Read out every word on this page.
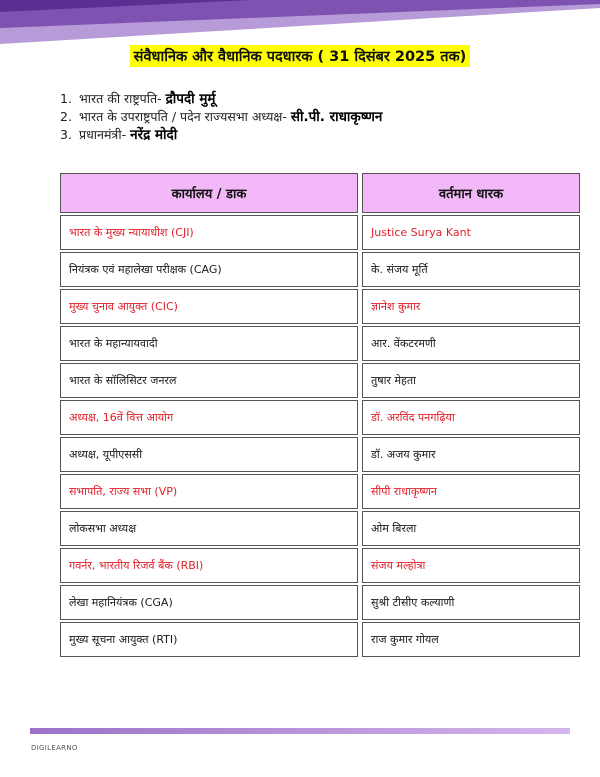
संवैधानिक और वैधानिक पदधारक ( 31 दिसंबर 2025 तक)
1. भारत की राष्ट्रपति- द्रौपदी मुर्मू
2. भारत के उपराष्ट्रपति / पदेन राज्यसभा अध्यक्ष- सी.पी. राधाकृष्णन
3. प्रधानमंत्री- नरेंद्र मोदी
कार्यालय / डाक	वर्तमान धारक
भारत के मुख्य न्यायाधीश (CJI)	Justice Surya Kant
नियंत्रक एवं महालेखा परीक्षक (CAG)	के. संजय मूर्ति
मुख्य चुनाव आयुक्त (CIC)	ज्ञानेश कुमार
भारत के महान्यायवादी	आर. वेंकटरमणी
भारत के सॉलिसिटर जनरल	तुषार मेहता
अध्यक्ष, 16वें वित्त आयोग	डॉ. अरविंद पनगढ़िया
अध्यक्ष, यूपीएससी	डॉ. अजय कुमार
सभापति, राज्य सभा (VP)	सीपी राधाकृष्णन
लोकसभा अध्यक्ष	ओम बिरला
गवर्नर, भारतीय रिजर्व बैंक (RBI)	संजय मल्होत्रा
लेखा महानियंत्रक (CGA)	सुश्री टीसीए कल्याणी
मुख्य सूचना आयुक्त (RTI)	राज कुमार गोयल
DIGILEARNO
